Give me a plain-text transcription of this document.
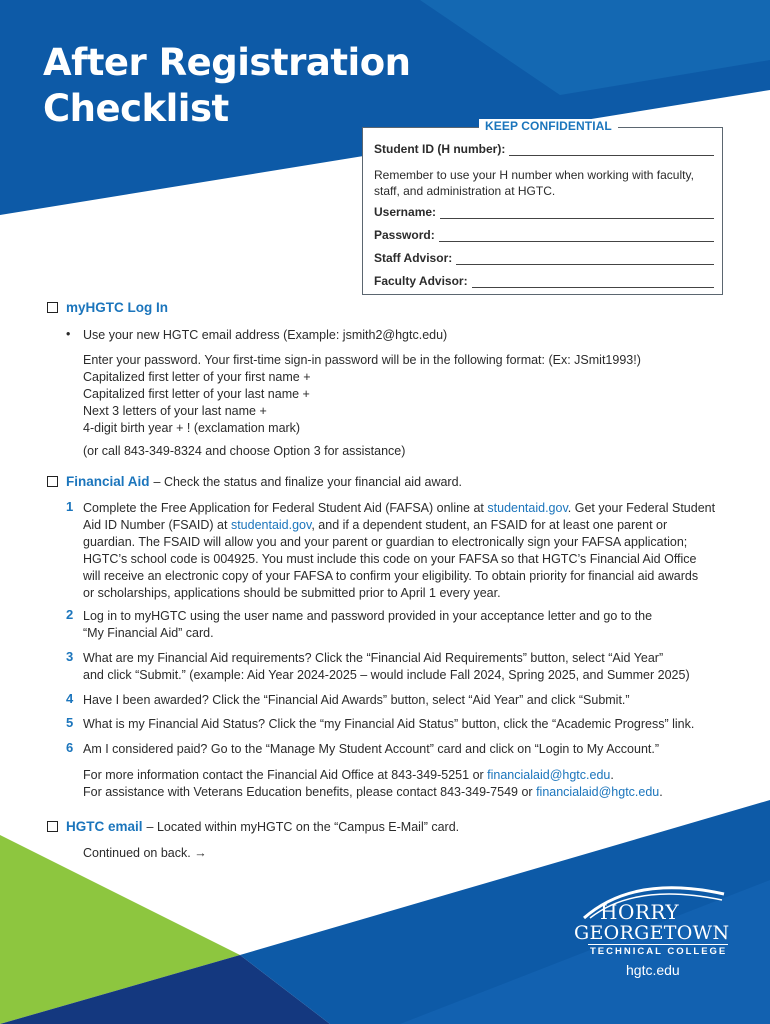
After Registration
Checklist	KEEP CONFIDENTIAL
Student ID (H number):
Remember to use your H number when working with faculty, staff, and administration at HGTC.
Username:
Password:
Staff Advisor:
Faculty Advisor:
myHGTC Log In
• Use your new HGTC email address (Example: jsmith2@hgtc.edu)
Enter your password. Your first-time sign-in password will be in the following format: (Ex: JSmit1993!)
Capitalized first letter of your first name +
Capitalized first letter of your last name +
Next 3 letters of your last name +
4-digit birth year + ! (exclamation mark)
(or call 843-349-8324 and choose Option 3 for assistance)
Financial Aid – Check the status and finalize your financial aid award.
1 Complete the Free Application for Federal Student Aid (FAFSA) online at studentaid.gov. Get your Federal Student
Aid ID Number (FSAID) at studentaid.gov, and if a dependent student, an FSAID for at least one parent or
guardian. The FSAID will allow you and your parent or guardian to electronically sign your FAFSA application;
HGTC’s school code is 004925. You must include this code on your FAFSA so that HGTC’s Financial Aid Office
will receive an electronic copy of your FAFSA to confirm your eligibility. To obtain priority for financial aid awards
or scholarships, applications should be submitted prior to April 1 every year.
2 Log in to myHGTC using the user name and password provided in your acceptance letter and go to the
“My Financial Aid” card.
3 What are my Financial Aid requirements? Click the “Financial Aid Requirements” button, select “Aid Year”
and click “Submit.” (example: Aid Year 2024-2025 – would include Fall 2024, Spring 2025, and Summer 2025)
4 Have I been awarded? Click the “Financial Aid Awards” button, select “Aid Year” and click “Submit.”
5 What is my Financial Aid Status? Click the “my Financial Aid Status” button, click the “Academic Progress” link.
6 Am I considered paid? Go to the “Manage My Student Account” card and click on “Login to My Account.”
For more information contact the Financial Aid Office at 843-349-5251 or financialaid@hgtc.edu.
For assistance with Veterans Education benefits, please contact 843-349-7549 or financialaid@hgtc.edu.
HGTC email – Located within myHGTC on the “Campus E-Mail” card.
Continued on back. →
HORRY
GEORGETOWN
TECHNICAL COLLEGE
hgtc.edu
